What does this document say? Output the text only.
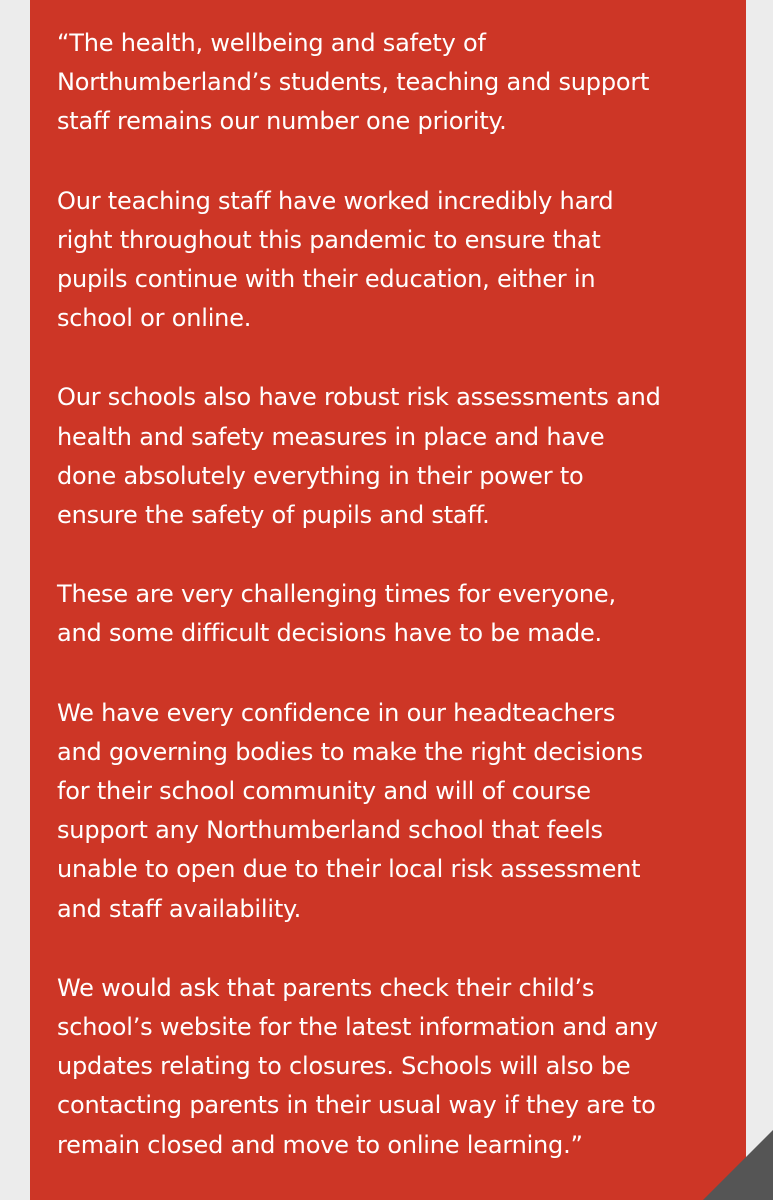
“The health, wellbeing and safety of
Northumberland’s students, teaching and support
staff remains our number one priority.

Our teaching staff have worked incredibly hard
right throughout this pandemic to ensure that
pupils continue with their education, either in
school or online.

Our schools also have robust risk assessments and
health and safety measures in place and have
done absolutely everything in their power to
ensure the safety of pupils and staff.

These are very challenging times for everyone,
and some difficult decisions have to be made.

We have every confidence in our headteachers
and governing bodies to make the right decisions
for their school community and will of course
support any Northumberland school that feels
unable to open due to their local risk assessment
and staff availability.

We would ask that parents check their child’s
school’s website for the latest information and any
updates relating to closures. Schools will also be
contacting parents in their usual way if they are to
remain closed and move to online learning.”
